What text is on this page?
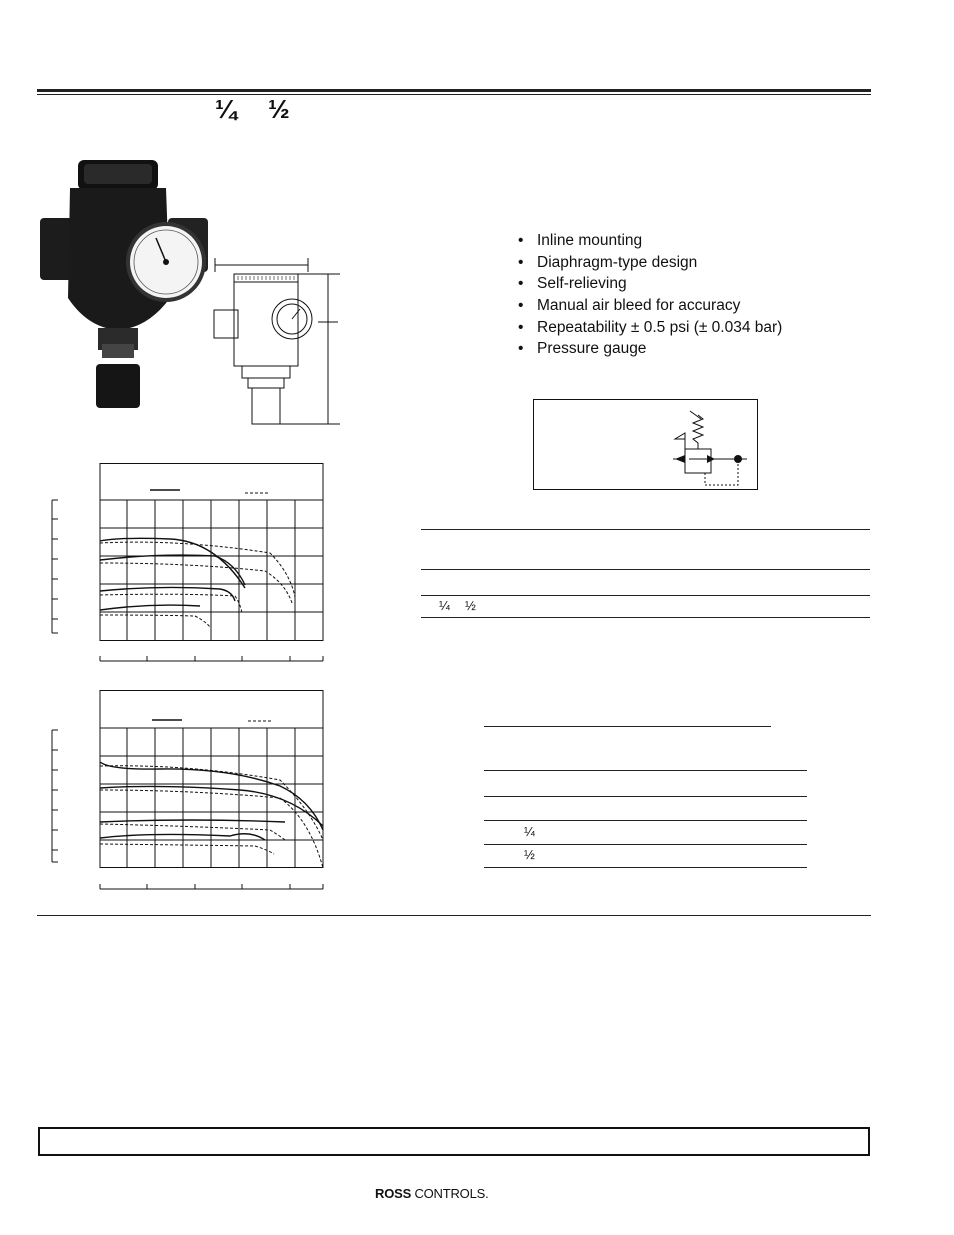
¼ ½
• Inline mounting
• Diaphragm-type design
• Self-relieving
• Manual air bleed for accuracy
• Repeatability ± 0.5 psi (± 0.034 bar)
• Pressure gauge
¼ ½
¼
½
ROSS CONTROLS.
